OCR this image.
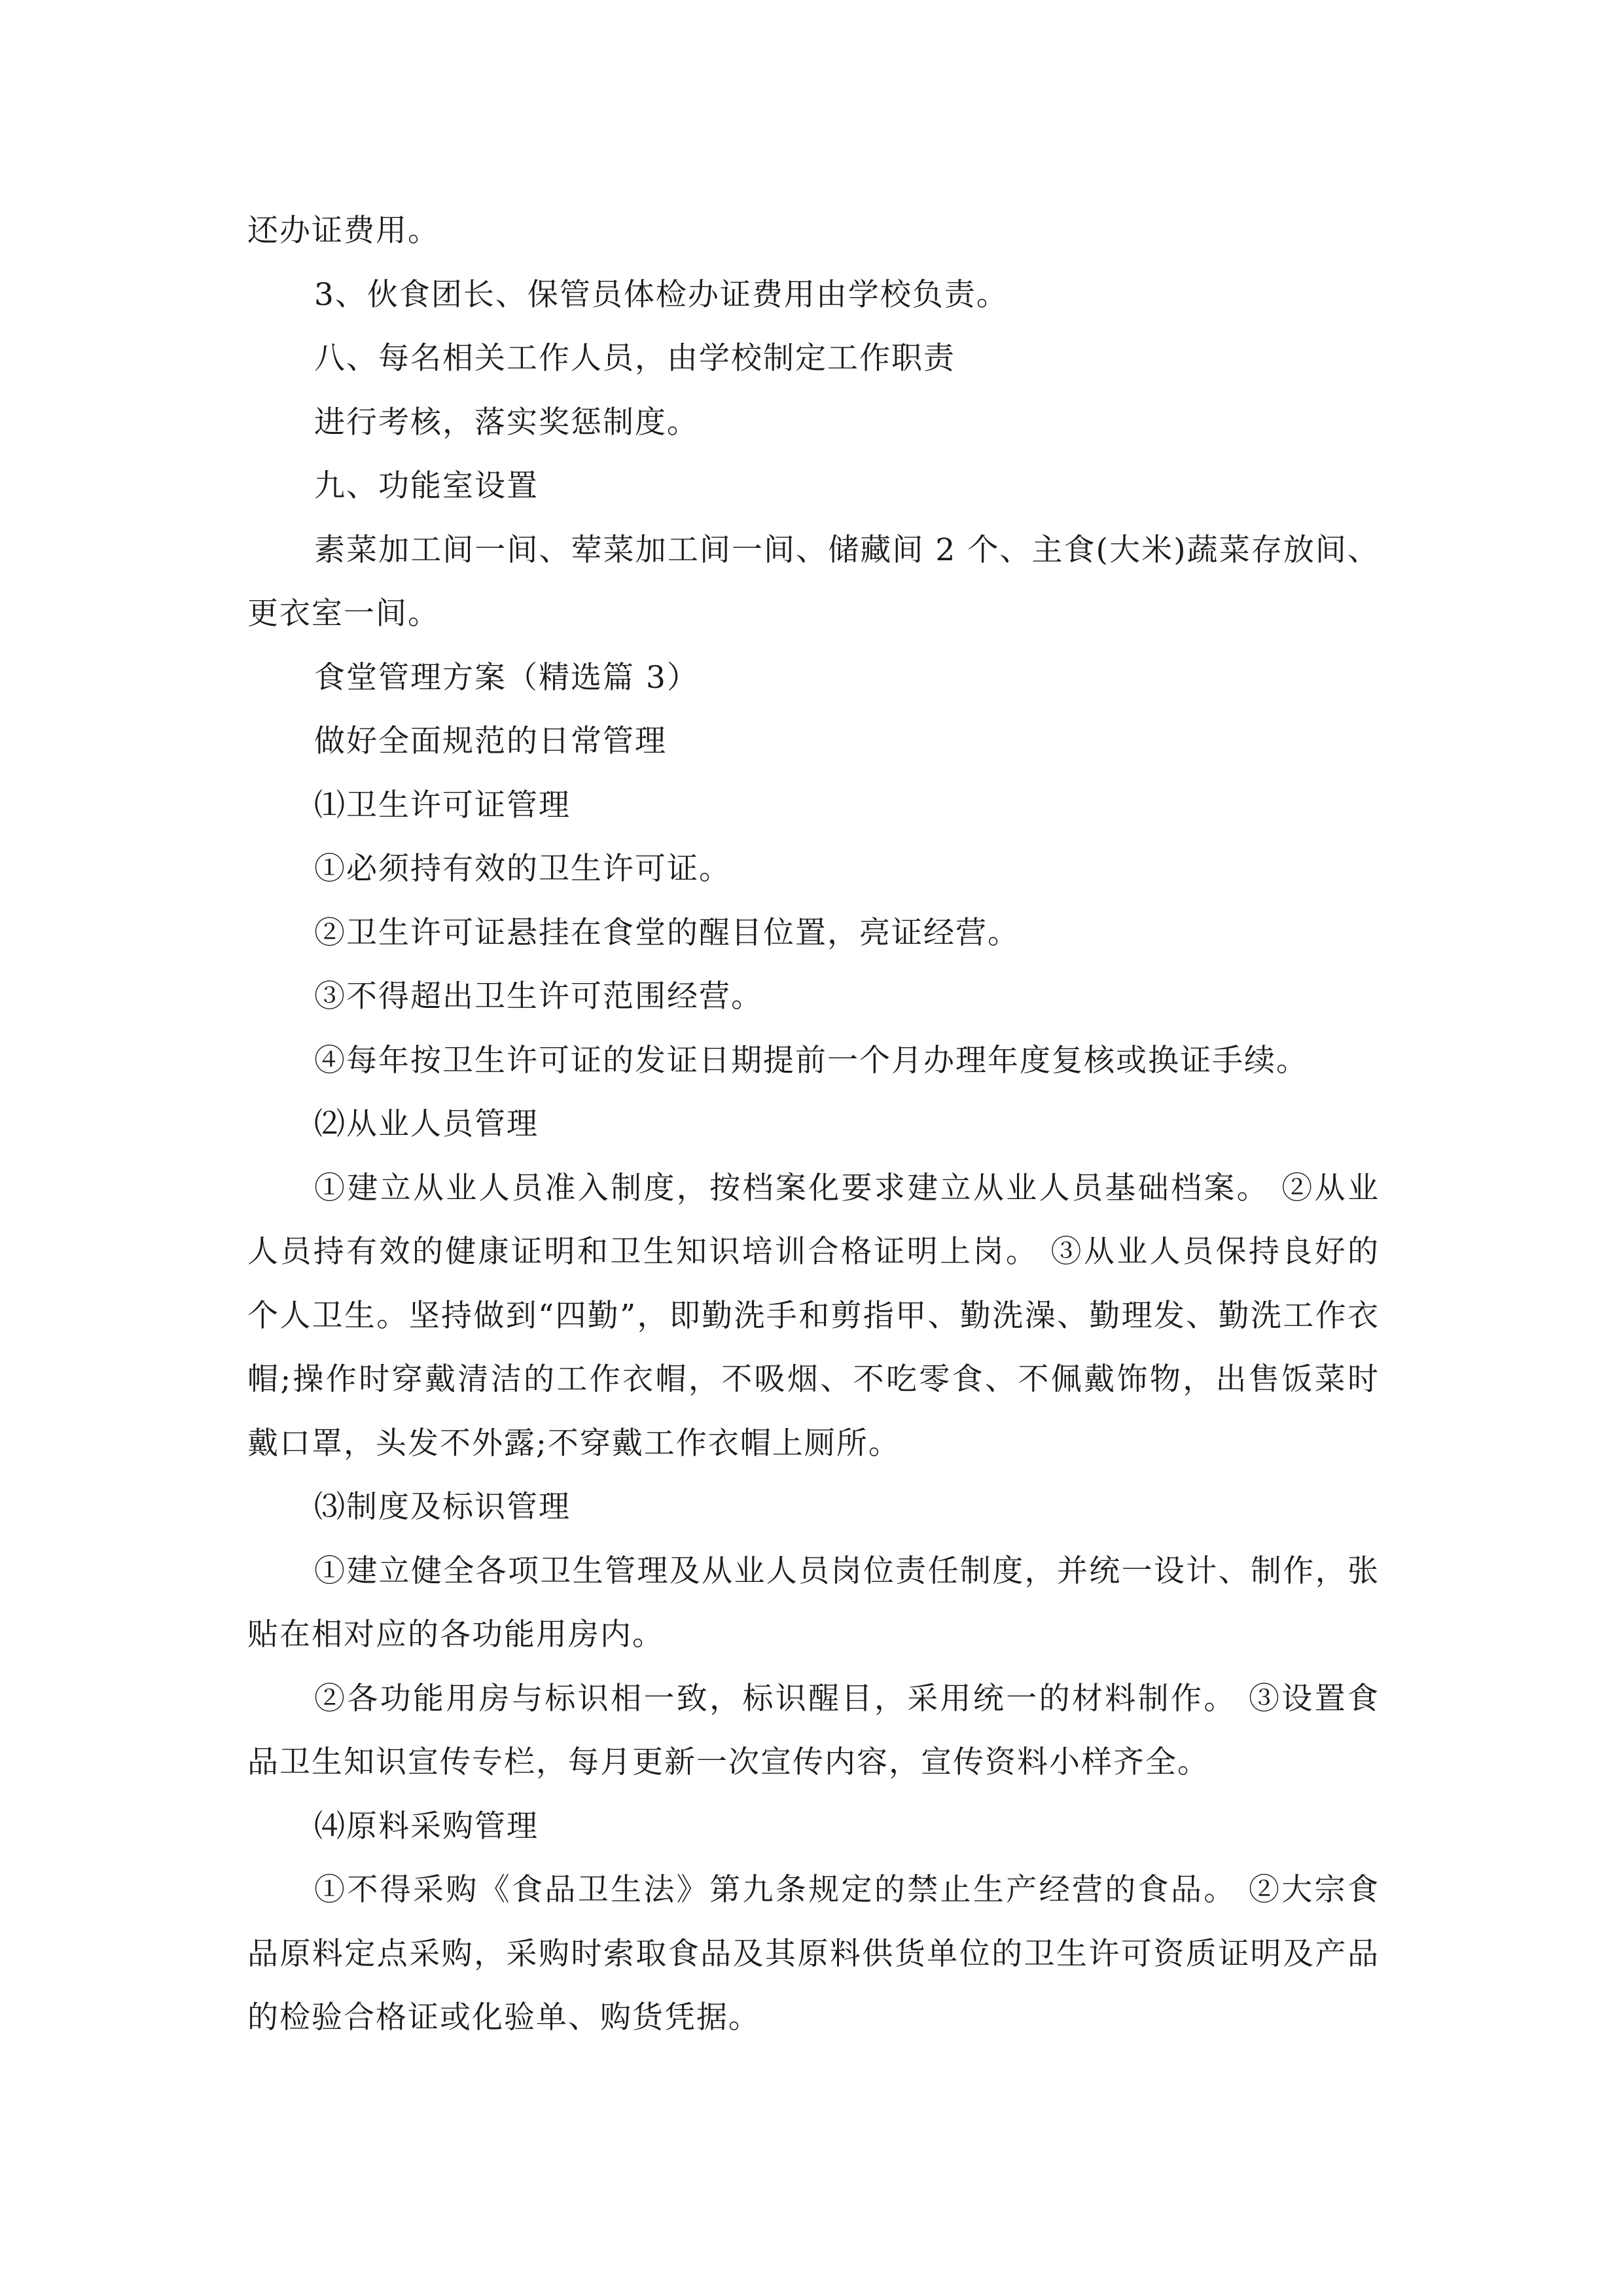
还办证费用。

3、伙食团长、保管员体检办证费用由学校负责。

八、每名相关工作人员，由学校制定工作职责

进行考核，落实奖惩制度。

九、功能室设置

素菜加工间一间、荤菜加工间一间、储藏间 2 个、主食(大米)蔬菜存放间、更衣室一间。

食堂管理方案（精选篇 3）

做好全面规范的日常管理

⑴卫生许可证管理

①必须持有效的卫生许可证。

②卫生许可证悬挂在食堂的醒目位置，亮证经营。

③不得超出卫生许可范围经营。

④每年按卫生许可证的发证日期提前一个月办理年度复核或换证手续。

⑵从业人员管理

①建立从业人员准入制度，按档案化要求建立从业人员基础档案。 ②从业人员持有效的健康证明和卫生知识培训合格证明上岗。 ③从业人员保持良好的个人卫生。坚持做到“四勤”，即勤洗手和剪指甲、勤洗澡、勤理发、勤洗工作衣帽;操作时穿戴清洁的工作衣帽，不吸烟、不吃零食、不佩戴饰物，出售饭菜时戴口罩，头发不外露;不穿戴工作衣帽上厕所。

⑶制度及标识管理

①建立健全各项卫生管理及从业人员岗位责任制度，并统一设计、制作，张贴在相对应的各功能用房内。

②各功能用房与标识相一致，标识醒目，采用统一的材料制作。 ③设置食品卫生知识宣传专栏，每月更新一次宣传内容，宣传资料小样齐全。

⑷原料采购管理

①不得采购《食品卫生法》第九条规定的禁止生产经营的食品。 ②大宗食品原料定点采购，采购时索取食品及其原料供货单位的卫生许可资质证明及产品的检验合格证或化验单、购货凭据。
